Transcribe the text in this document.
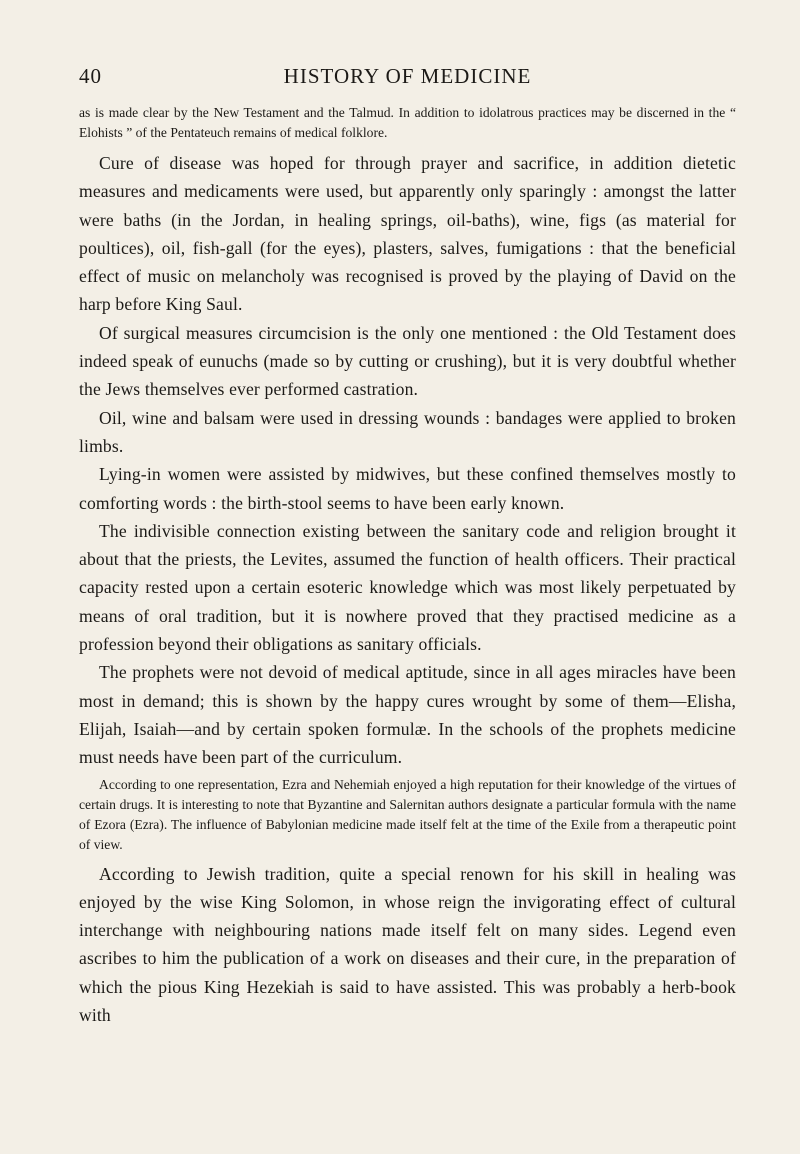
40	HISTORY OF MEDICINE

as is made clear by the New Testament and the Talmud. In addition to idolatrous practices may be discerned in the “ Elohists ” of the Pentateuch remains of medical folklore.

Cure of disease was hoped for through prayer and sacrifice, in addition dietetic measures and medicaments were used, but apparently only sparingly : amongst the latter were baths (in the Jordan, in healing springs, oil-baths), wine, figs (as material for poultices), oil, fish-gall (for the eyes), plasters, salves, fumigations : that the beneficial effect of music on melancholy was recognised is proved by the playing of David on the harp before King Saul.

Of surgical measures circumcision is the only one mentioned : the Old Testament does indeed speak of eunuchs (made so by cutting or crushing), but it is very doubtful whether the Jews themselves ever performed castration.

Oil, wine and balsam were used in dressing wounds : bandages were applied to broken limbs.

Lying-in women were assisted by midwives, but these confined themselves mostly to comforting words : the birth-stool seems to have been early known.

The indivisible connection existing between the sanitary code and religion brought it about that the priests, the Levites, assumed the function of health officers. Their practical capacity rested upon a certain esoteric knowledge which was most likely perpetuated by means of oral tradition, but it is nowhere proved that they practised medicine as a profession beyond their obligations as sanitary officials.

The prophets were not devoid of medical aptitude, since in all ages miracles have been most in demand; this is shown by the happy cures wrought by some of them—Elisha, Elijah, Isaiah—and by certain spoken formulæ. In the schools of the prophets medicine must needs have been part of the curriculum.

According to one representation, Ezra and Nehemiah enjoyed a high reputation for their knowledge of the virtues of certain drugs. It is interesting to note that Byzantine and Salernitan authors designate a particular formula with the name of Ezora (Ezra). The influence of Babylonian medicine made itself felt at the time of the Exile from a therapeutic point of view.

According to Jewish tradition, quite a special renown for his skill in healing was enjoyed by the wise King Solomon, in whose reign the invigorating effect of cultural interchange with neighbouring nations made itself felt on many sides. Legend even ascribes to him the publication of a work on diseases and their cure, in the preparation of which the pious King Hezekiah is said to have assisted. This was probably a herb-book with
